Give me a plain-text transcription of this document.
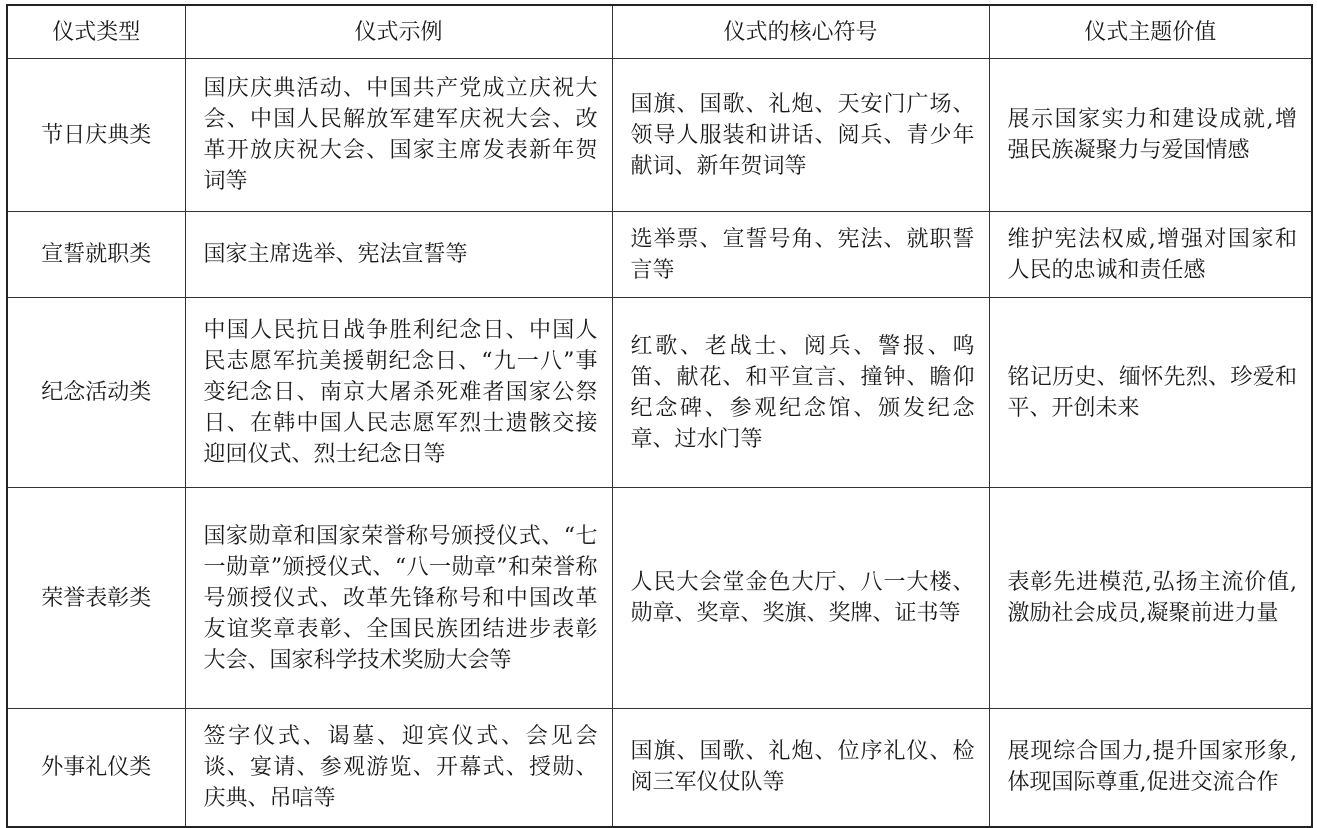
仪式类型	仪式示例	仪式的核心符号	仪式主题价值
节日庆典类	国庆庆典活动、中国共产党成立庆祝大会、中国人民解放军建军庆祝大会、改革开放庆祝大会、国家主席发表新年贺词等	国旗、国歌、礼炮、天安门广场、领导人服装和讲话、阅兵、青少年献词、新年贺词等	展示国家实力和建设成就,增强民族凝聚力与爱国情感
宣誓就职类	国家主席选举、宪法宣誓等	选举票、宣誓号角、宪法、就职誓言等	维护宪法权威,增强对国家和人民的忠诚和责任感
纪念活动类	中国人民抗日战争胜利纪念日、中国人民志愿军抗美援朝纪念日、“九一八”事变纪念日、南京大屠杀死难者国家公祭日、在韩中国人民志愿军烈士遗骸交接迎回仪式、烈士纪念日等	红歌、老战士、阅兵、警报、鸣笛、献花、和平宣言、撞钟、瞻仰纪念碑、参观纪念馆、颁发纪念章、过水门等	铭记历史、缅怀先烈、珍爱和平、开创未来
荣誉表彰类	国家勋章和国家荣誉称号颁授仪式、“七一勋章”颁授仪式、“八一勋章”和荣誉称号颁授仪式、改革先锋称号和中国改革友谊奖章表彰、全国民族团结进步表彰大会、国家科学技术奖励大会等	人民大会堂金色大厅、八一大楼、勋章、奖章、奖旗、奖牌、证书等	表彰先进模范,弘扬主流价值,激励社会成员,凝聚前进力量
外事礼仪类	签字仪式、谒墓、迎宾仪式、会见会谈、宴请、参观游览、开幕式、授勋、庆典、吊唁等	国旗、国歌、礼炮、位序礼仪、检阅三军仪仗队等	展现综合国力,提升国家形象,体现国际尊重,促进交流合作
